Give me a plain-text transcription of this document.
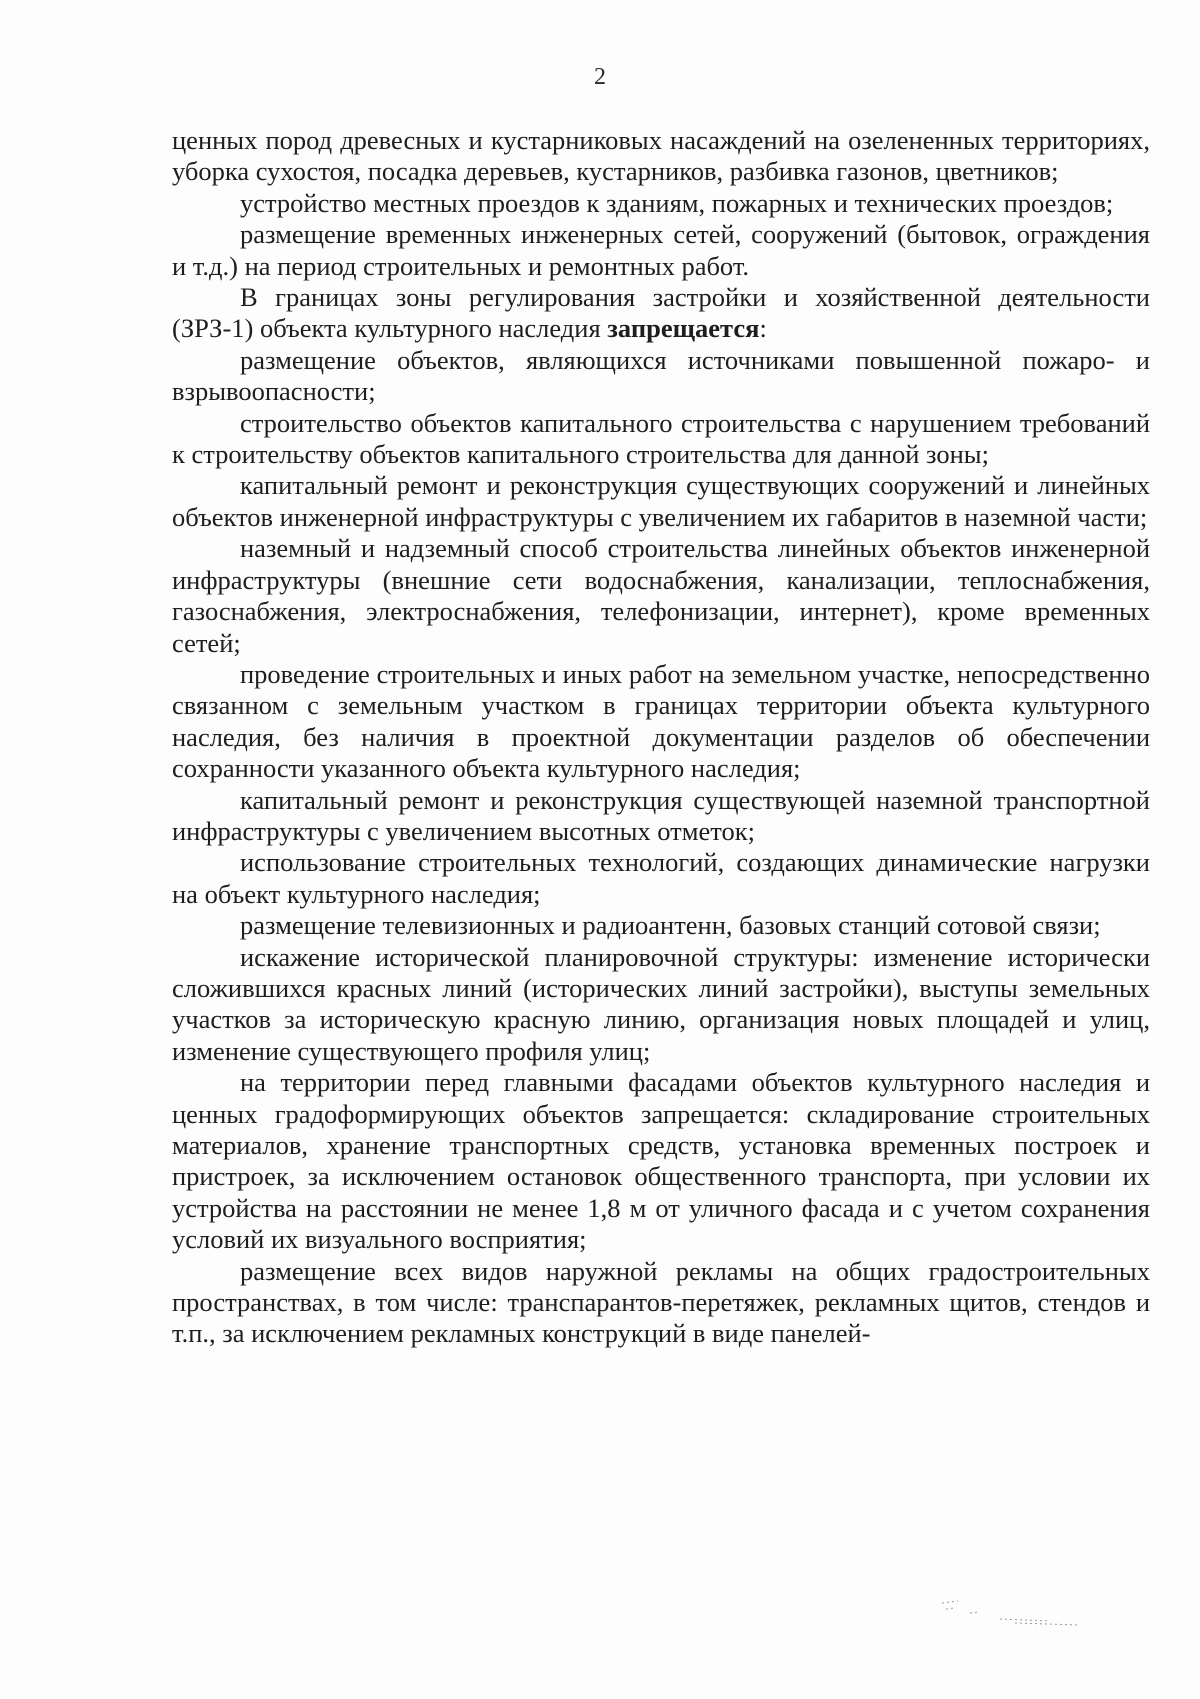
2

ценных пород древесных и кустарниковых насаждений на озелененных территориях, уборка сухостоя, посадка деревьев, кустарников, разбивка газонов, цветников;

устройство местных проездов к зданиям, пожарных и технических проездов;

размещение временных инженерных сетей, сооружений (бытовок, ограждения и т.д.) на период строительных и ремонтных работ.

В границах зоны регулирования застройки и хозяйственной деятельности (ЗРЗ-1) объекта культурного наследия запрещается:

размещение объектов, являющихся источниками повышенной пожаро- и взрывоопасности;

строительство объектов капитального строительства с нарушением требований к строительству объектов капитального строительства для данной зоны;

капитальный ремонт и реконструкция существующих сооружений и линейных объектов инженерной инфраструктуры с увеличением их габаритов в наземной части;

наземный и надземный способ строительства линейных объектов инженерной инфраструктуры (внешние сети водоснабжения, канализации, теплоснабжения, газоснабжения, электроснабжения, телефонизации, интернет), кроме временных сетей;

проведение строительных и иных работ на земельном участке, непосредственно связанном с земельным участком в границах территории объекта культурного наследия, без наличия в проектной документации разделов об обеспечении сохранности указанного объекта культурного наследия;

капитальный ремонт и реконструкция существующей наземной транспортной инфраструктуры с увеличением высотных отметок;

использование строительных технологий, создающих динамические нагрузки на объект культурного наследия;

размещение телевизионных и радиоантенн, базовых станций сотовой связи;

искажение исторической планировочной структуры: изменение исторически сложившихся красных линий (исторических линий застройки), выступы земельных участков за историческую красную линию, организация новых площадей и улиц, изменение существующего профиля улиц;

на территории перед главными фасадами объектов культурного наследия и ценных градоформирующих объектов запрещается: складирование строительных материалов, хранение транспортных средств, установка временных построек и пристроек, за исключением остановок общественного транспорта, при условии их устройства на расстоянии не менее 1,8 м от уличного фасада и с учетом сохранения условий их визуального восприятия;

размещение всех видов наружной рекламы на общих градостроительных пространствах, в том числе: транспарантов-перетяжек, рекламных щитов, стендов и т.п., за исключением рекламных конструкций в виде панелей-
